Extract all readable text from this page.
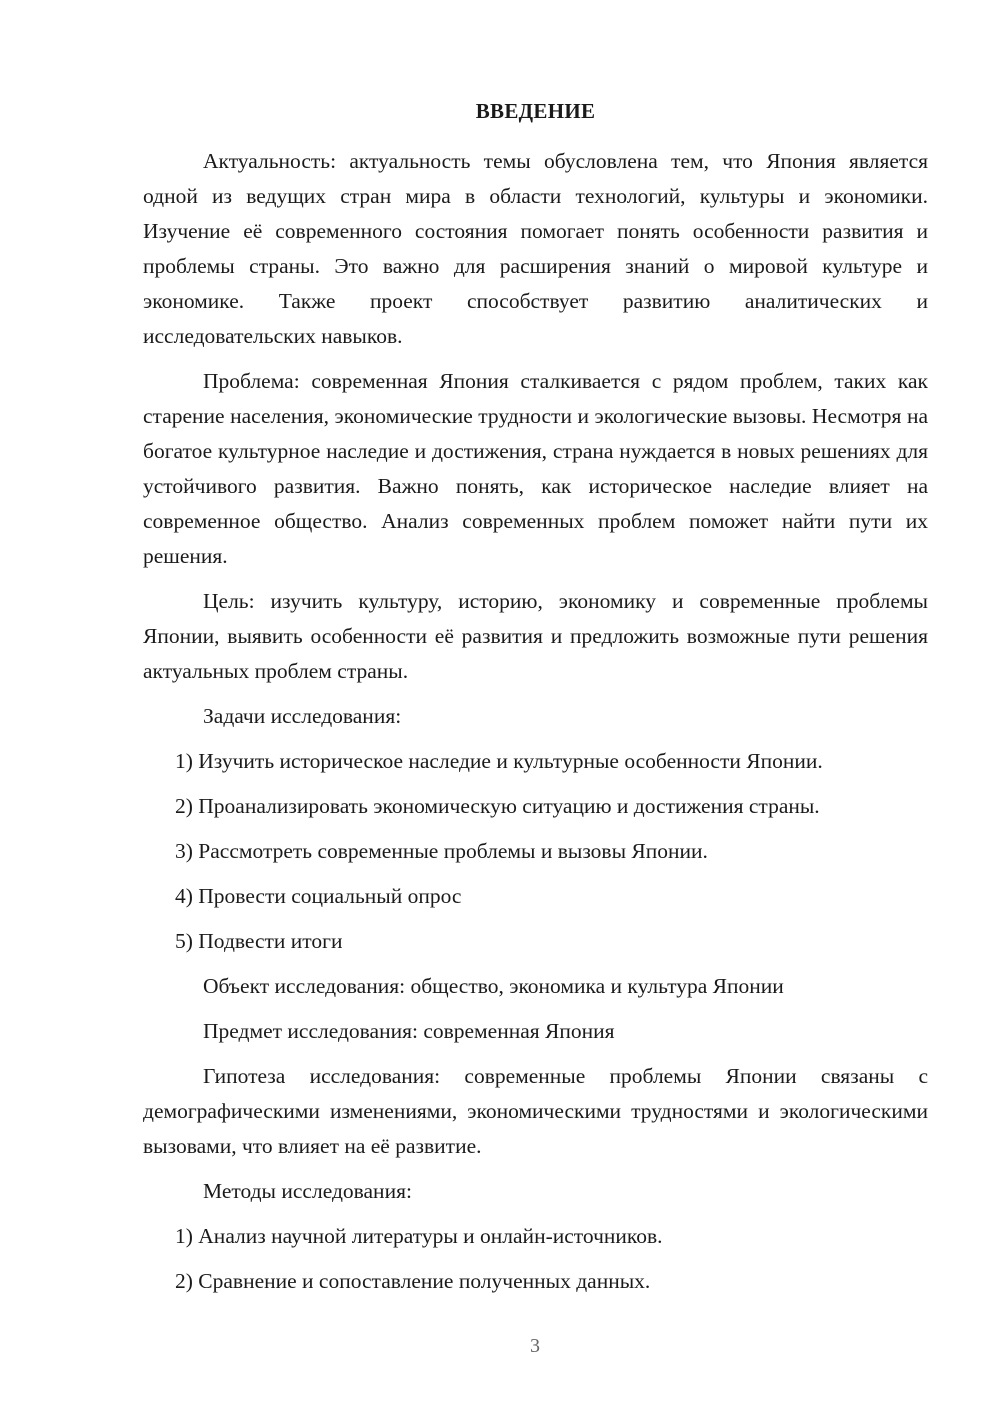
ВВЕДЕНИЕ

Актуальность: актуальность темы обусловлена тем, что Япония является одной из ведущих стран мира в области технологий, культуры и экономики. Изучение её современного состояния помогает понять особенности развития и проблемы страны. Это важно для расширения знаний о мировой культуре и экономике. Также проект способствует развитию аналитических и исследовательских навыков.

Проблема: современная Япония сталкивается с рядом проблем, таких как старение населения, экономические трудности и экологические вызовы. Несмотря на богатое культурное наследие и достижения, страна нуждается в новых решениях для устойчивого развития. Важно понять, как историческое наследие влияет на современное общество. Анализ современных проблем поможет найти пути их решения.

Цель: изучить культуру, историю, экономику и современные проблемы Японии, выявить особенности её развития и предложить возможные пути решения актуальных проблем страны.

Задачи исследования:

1) Изучить историческое наследие и культурные особенности Японии.

2) Проанализировать экономическую ситуацию и достижения страны.

3) Рассмотреть современные проблемы и вызовы Японии.

4) Провести социальный опрос

5) Подвести итоги

Объект исследования: общество, экономика и культура Японии

Предмет исследования: современная Япония

Гипотеза исследования: современные проблемы Японии связаны с демографическими изменениями, экономическими трудностями и экологическими вызовами, что влияет на её развитие.

Методы исследования:

1) Анализ научной литературы и онлайн-источников.

2) Сравнение и сопоставление полученных данных.

3
